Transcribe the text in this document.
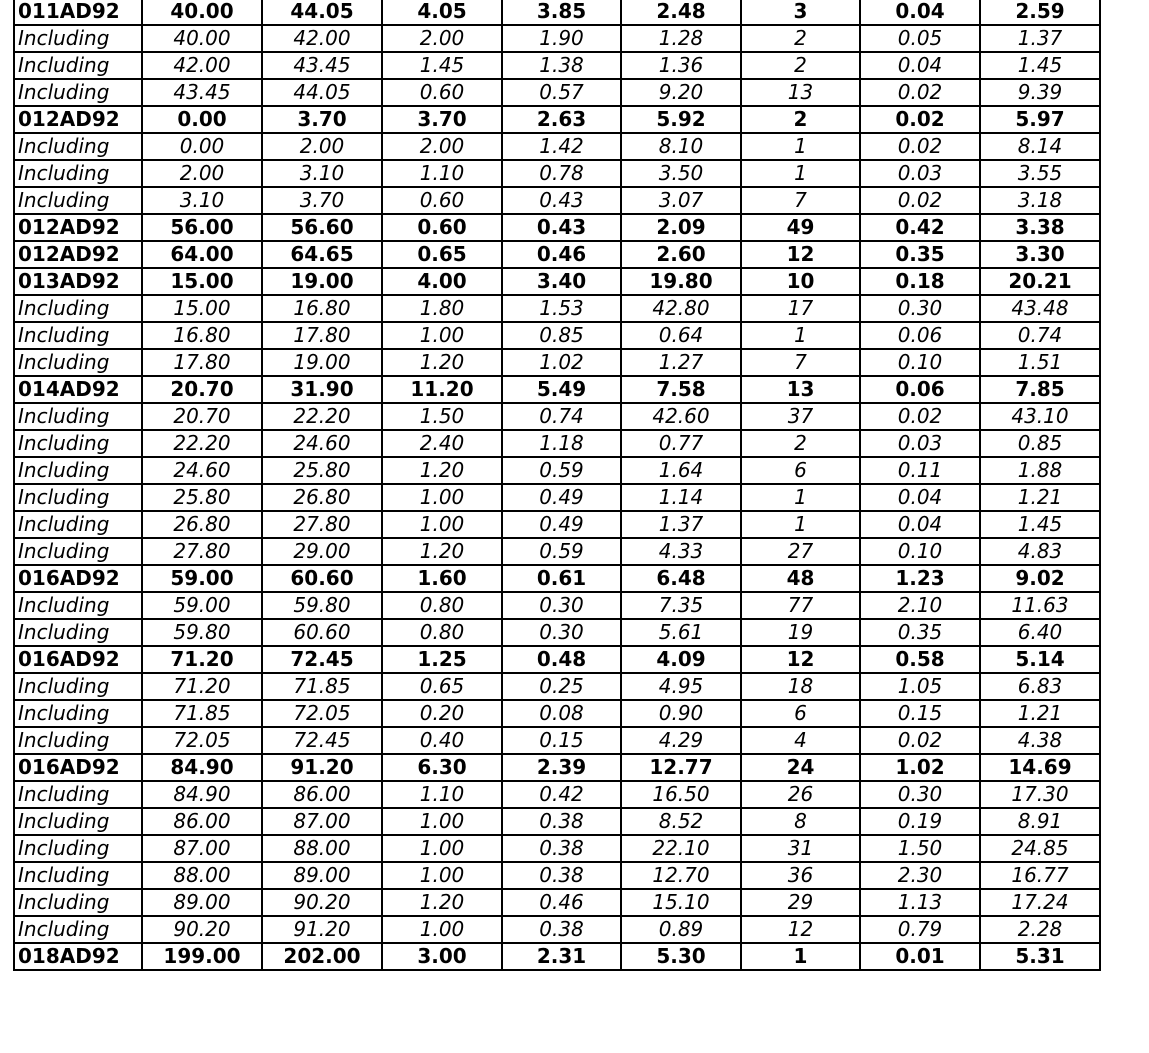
011AD92	40.00	44.05	4.05	3.85	2.48	3	0.04	2.59
Including	40.00	42.00	2.00	1.90	1.28	2	0.05	1.37
Including	42.00	43.45	1.45	1.38	1.36	2	0.04	1.45
Including	43.45	44.05	0.60	0.57	9.20	13	0.02	9.39
012AD92	0.00	3.70	3.70	2.63	5.92	2	0.02	5.97
Including	0.00	2.00	2.00	1.42	8.10	1	0.02	8.14
Including	2.00	3.10	1.10	0.78	3.50	1	0.03	3.55
Including	3.10	3.70	0.60	0.43	3.07	7	0.02	3.18
012AD92	56.00	56.60	0.60	0.43	2.09	49	0.42	3.38
012AD92	64.00	64.65	0.65	0.46	2.60	12	0.35	3.30
013AD92	15.00	19.00	4.00	3.40	19.80	10	0.18	20.21
Including	15.00	16.80	1.80	1.53	42.80	17	0.30	43.48
Including	16.80	17.80	1.00	0.85	0.64	1	0.06	0.74
Including	17.80	19.00	1.20	1.02	1.27	7	0.10	1.51
014AD92	20.70	31.90	11.20	5.49	7.58	13	0.06	7.85
Including	20.70	22.20	1.50	0.74	42.60	37	0.02	43.10
Including	22.20	24.60	2.40	1.18	0.77	2	0.03	0.85
Including	24.60	25.80	1.20	0.59	1.64	6	0.11	1.88
Including	25.80	26.80	1.00	0.49	1.14	1	0.04	1.21
Including	26.80	27.80	1.00	0.49	1.37	1	0.04	1.45
Including	27.80	29.00	1.20	0.59	4.33	27	0.10	4.83
016AD92	59.00	60.60	1.60	0.61	6.48	48	1.23	9.02
Including	59.00	59.80	0.80	0.30	7.35	77	2.10	11.63
Including	59.80	60.60	0.80	0.30	5.61	19	0.35	6.40
016AD92	71.20	72.45	1.25	0.48	4.09	12	0.58	5.14
Including	71.20	71.85	0.65	0.25	4.95	18	1.05	6.83
Including	71.85	72.05	0.20	0.08	0.90	6	0.15	1.21
Including	72.05	72.45	0.40	0.15	4.29	4	0.02	4.38
016AD92	84.90	91.20	6.30	2.39	12.77	24	1.02	14.69
Including	84.90	86.00	1.10	0.42	16.50	26	0.30	17.30
Including	86.00	87.00	1.00	0.38	8.52	8	0.19	8.91
Including	87.00	88.00	1.00	0.38	22.10	31	1.50	24.85
Including	88.00	89.00	1.00	0.38	12.70	36	2.30	16.77
Including	89.00	90.20	1.20	0.46	15.10	29	1.13	17.24
Including	90.20	91.20	1.00	0.38	0.89	12	0.79	2.28
018AD92	199.00	202.00	3.00	2.31	5.30	1	0.01	5.31
